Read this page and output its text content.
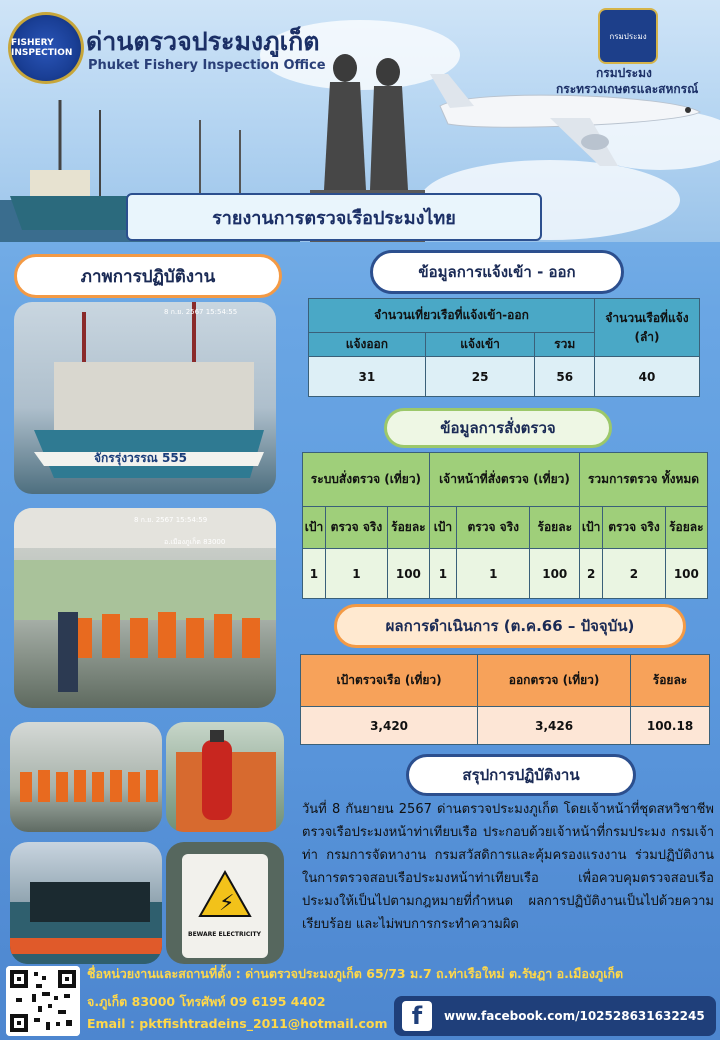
FISHERY INSPECTION ด่านตรวจประมงภูเก็ต
Phuket Fishery Inspection Office
กรมประมง
กรมประมง
กระทรวงเกษตรและสหกรณ์
รายงานการตรวจเรือประมงไทย
ภาพการปฏิบัติงาน
จักรรุ่งวรรณ 555
8 ก.ย. 2567 15:54:55
8 ก.ย. 2567 15:54:59
อ.เมืองภูเก็ต 83000
⚡
BEWARE ELECTRICITY
ข้อมูลการแจ้งเข้า - ออก
จำนวนเที่ยวเรือที่แจ้งเข้า-ออก			จำนวนเรือที่แจ้ง (ลำ)
แจ้งออก	แจ้งเข้า	รวม	
31	25	56	40
ข้อมูลการสั่งตรวจ
ระบบสั่งตรวจ (เที่ยว)			เจ้าหน้าที่สั่งตรวจ (เที่ยว)			รวมการตรวจ ทั้งหมด		
เป้า	ตรวจ จริง	ร้อยละ	เป้า	ตรวจ จริง	ร้อยละ	เป้า	ตรวจ จริง	ร้อยละ
1	1	100	1	1	100	2	2	100
ผลการดำเนินการ (ต.ค.66 – ปัจจุบัน)
เป้าตรวจเรือ (เที่ยว)	ออกตรวจ (เที่ยว)	ร้อยละ
3,420	3,426	100.18
สรุปการปฏิบัติงาน
วันที่ 8 กันยายน 2567 ด่านตรวจประมงภูเก็ต โดยเจ้าหน้าที่ชุดสหวิชาชีพตรวจเรือประมงหน้าท่าเทียบเรือ ประกอบด้วยเจ้าหน้าที่กรมประมง กรมเจ้าท่า กรมการจัดหางาน กรมสวัสดิการและคุ้มครองแรงงาน ร่วมปฏิบัติงานในการตรวจสอบเรือประมงหน้าท่าเทียบเรือ เพื่อควบคุมตรวจสอบเรือประมงให้เป็นไปตามกฎหมายที่กำหนด ผลการปฏิบัติงานเป็นไปด้วยความเรียบร้อย และไม่พบการกระทำความผิด
ชื่อหน่วยงานและสถานที่ตั้ง : ด่านตรวจประมงภูเก็ต 65/73 ม.7 ถ.ท่าเรือใหม่ ต.รัษฎา อ.เมืองภูเก็ต
จ.ภูเก็ต 83000 โทรศัพท์ 09 6195 4402
Email : pktfishtradeins_2011@hotmail.com	f	www.facebook.com/102528631632245
